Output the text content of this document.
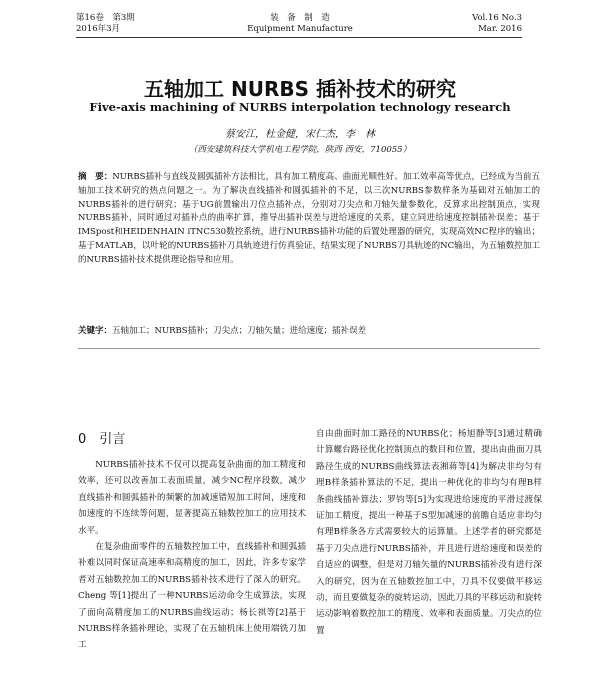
第16卷　第3期
2016年3月
装　备　制　造
Equipment Manufacture
Vol.16 No.3
Mar. 2016
五轴加工 NURBS 插补技术的研究
Five-axis machining of NURBS interpolation technology research
蔡安江，杜金健，宋仁杰，李　林
（西安建筑科技大学机电工程学院，陕西 西安，710055）
摘　要：NURBS插补与直线及圆弧插补方法相比，具有加工精度高、曲面光顺性好、加工效率高等优点，已经成为当前五轴加工技术研究的热点问题之一。为了解决直线插补和圆弧插补的不足，以三次NURBS参数样条为基础对五轴加工的NURBS插补的进行研究；基于UG前置输出刀位点插补点，分别对刀尖点和刀轴矢量参数化，反算求出控制顶点，实现NURBS插补，同时通过对插补点的曲率扩算，推导出插补误差与进给速度的关系，建立同进给速度控制插补误差；基于IMSpost和HEIDENHAIN iTNC530数控系统，进行NURBS插补功能的后置处理器的研究，实现高效NC程序的输出；基于MATLAB，以叶轮的NURBS插补刀具轨迹进行仿真验证，结果实现了NURBS刀具轨迹的NC输出，为五轴数控加工的NURBS插补技术提供理论指导和应用。
关键字：五轴加工；NURBS插补；刀尖点；刀轴矢量；进给速度；插补误差
0　引言

NURBS插补技术不仅可以提高复杂曲面的加工精度和效率，还可以改善加工表面质量，减少NC程序段数，减少直线插补和圆弧插补的频繁的加减速错短加工时间，速度和加速度的不连续等问题，显著提高五轴数控加工的应用技术水平。

在复杂曲面零件的五轴数控加工中，直线插补和圆弧插补难以同时保证高速率和高精度的加工，因此，许多专家学者对五轴数控加工的NURBS插补技术进行了深入的研究。Cheng 等[1]提出了一种NURBS运动命令生成算法，实现了面向高精度加工的NURBS曲线运动；杨长祺等[2]基于NURBS样条插补理论，实现了在五轴机床上使用端铣刀加工

自由曲面时加工路径的NURBS化；杨旭静等[3]通过精确计算螺台路径优化控制顶点的数目和位置，提出由曲面刀具路径生成的NURBS曲线算法表湘蒋等[4]为解决非均匀有理B样条插补算法的不足，提出一种优化的非均匀有理B样条曲线插补算法；罗钧等[5]为实现进给速度的平滑过渡保证加工精度，提出一种基于S型加减速的前瞻自适应非均匀有理B样条各方式需要较大的运算量。上述学者的研究都是基于刀尖点进行NURBS插补，并且进行进给速度和误差的自适应的调整，但是对刀轴矢量的NURBS插补没有进行深入的研究，因为在五轴数控加工中，刀具不仅要做平移运动，而且要做复杂的旋转运动，因此刀具的平移运动和旋转运动影响着数控加工的精度、效率和表面质量。刀尖点的位置
